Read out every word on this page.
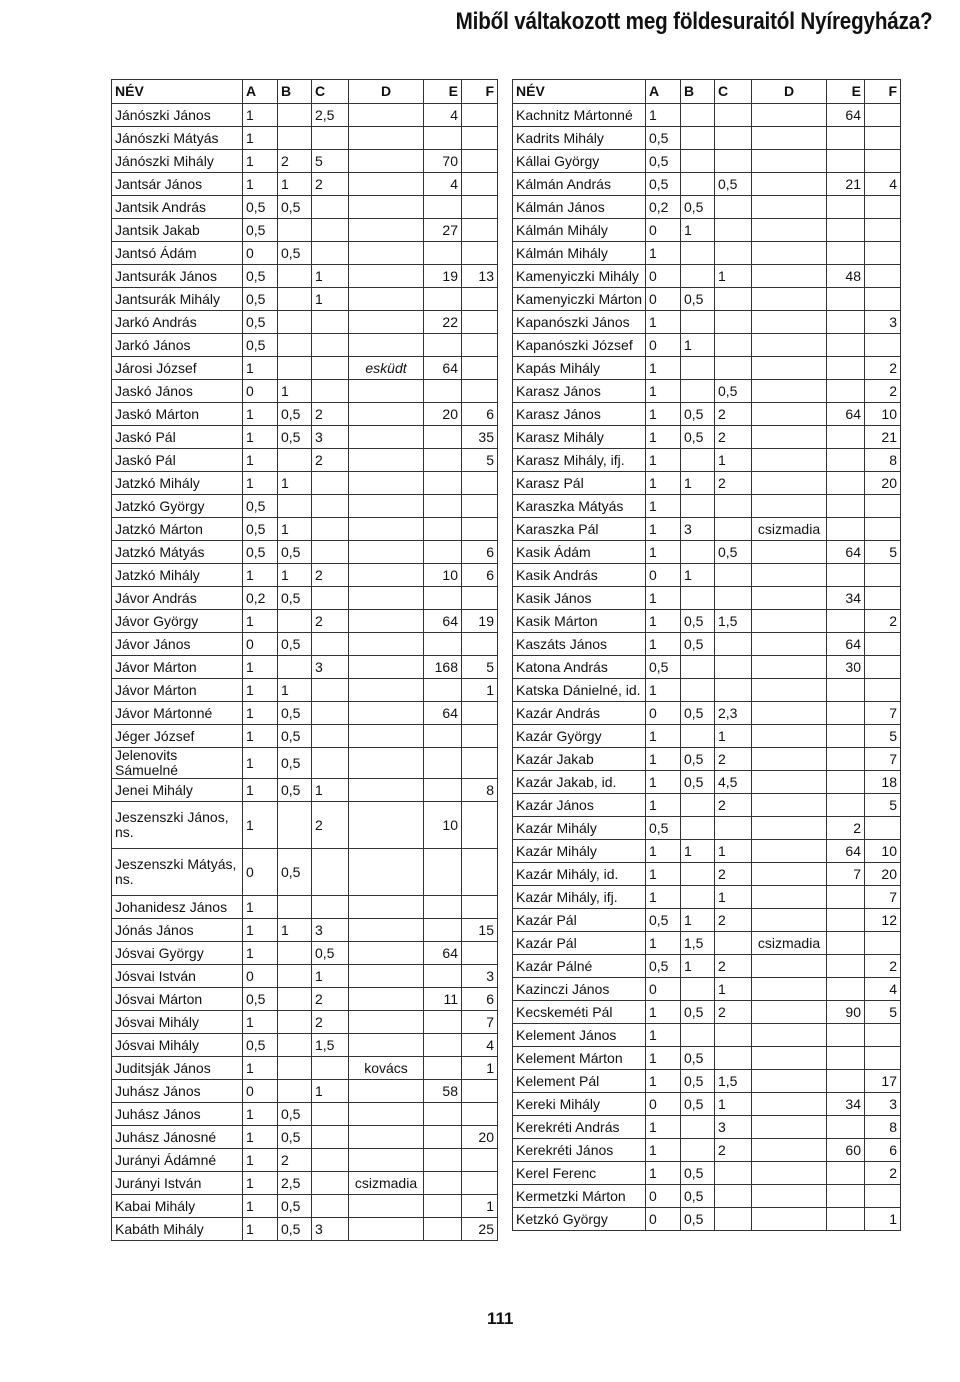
Miből váltakozott meg földesuraitól Nyíregyháza?
NÉV	A	B	C	D	E	F
Jánószki János	1		2,5		4	
Jánószki Mátyás	1					
Jánószki Mihály	1	2	5		70	
Jantsár János	1	1	2		4	
Jantsik András	0,5	0,5				
Jantsik Jakab	0,5				27	
Jantsó Ádám	0	0,5				
Jantsurák János	0,5		1		19	13
Jantsurák Mihály	0,5		1			
Jarkó András	0,5				22	
Jarkó János	0,5					
Járosi József	1			esküdt	64	
Jaskó János	0	1				
Jaskó Márton	1	0,5	2		20	6
Jaskó Pál	1	0,5	3			35
Jaskó Pál	1		2			5
Jatzkó Mihály	1	1				
Jatzkó György	0,5					
Jatzkó Márton	0,5	1				
Jatzkó Mátyás	0,5	0,5				6
Jatzkó Mihály	1	1	2		10	6
Jávor András	0,2	0,5				
Jávor György	1		2		64	19
Jávor János	0	0,5				
Jávor Márton	1		3		168	5
Jávor Márton	1	1				1
Jávor Mártonné	1	0,5			64	
Jéger József	1	0,5				
Jelenovits Sámuelné	1	0,5				
Jenei Mihály	1	0,5	1			8
Jeszenszki János, ns.	1		2		10	
Jeszenszki Mátyás, ns.	0	0,5				
Johanidesz János	1					
Jónás János	1	1	3			15
Jósvai György	1		0,5		64	
Jósvai István	0		1			3
Jósvai Márton	0,5		2		11	6
Jósvai Mihály	1		2			7
Jósvai Mihály	0,5		1,5			4
Juditsják János	1			kovács		1
Juhász János	0		1		58	
Juhász János	1	0,5				
Juhász Jánosné	1	0,5				20
Jurányi Ádámné	1	2				
Jurányi István	1	2,5		csizmadia		
Kabai Mihály	1	0,5				1
Kabáth Mihály	1	0,5	3			25
NÉV	A	B	C	D	E	F
Kachnitz Mártonné	1				64	
Kadrits Mihály	0,5					
Kállai György	0,5					
Kálmán András	0,5		0,5		21	4
Kálmán János	0,2	0,5				
Kálmán Mihály	0	1				
Kálmán Mihály	1					
Kamenyiczki Mihály	0		1		48	
Kamenyiczki Márton	0	0,5				
Kapanószki János	1					3
Kapanószki József	0	1				
Kapás Mihály	1					2
Karasz János	1		0,5			2
Karasz János	1	0,5	2		64	10
Karasz Mihály	1	0,5	2			21
Karasz Mihály, ifj.	1		1			8
Karasz Pál	1	1	2			20
Karaszka Mátyás	1					
Karaszka Pál	1	3		csizmadia		
Kasik Ádám	1		0,5		64	5
Kasik András	0	1				
Kasik János	1				34	
Kasik Márton	1	0,5	1,5			2
Kaszáts János	1	0,5			64	
Katona András	0,5				30	
Katska Dánielné, id.	1					
Kazár András	0	0,5	2,3			7
Kazár György	1		1			5
Kazár Jakab	1	0,5	2			7
Kazár Jakab, id.	1	0,5	4,5			18
Kazár János	1		2			5
Kazár Mihály	0,5				2	
Kazár Mihály	1	1	1		64	10
Kazár Mihály, id.	1		2		7	20
Kazár Mihály, ifj.	1		1			7
Kazár Pál	0,5	1	2			12
Kazár Pál	1	1,5		csizmadia		
Kazár Pálné	0,5	1	2			2
Kazinczi János	0		1			4
Kecskeméti Pál	1	0,5	2		90	5
Kelement János	1					
Kelement Márton	1	0,5				
Kelement Pál	1	0,5	1,5			17
Kereki Mihály	0	0,5	1		34	3
Kerekréti András	1		3			8
Kerekréti János	1		2		60	6
Kerel Ferenc	1	0,5				2
Kermetzki Márton	0	0,5				
Ketzkó György	0	0,5				1
111
